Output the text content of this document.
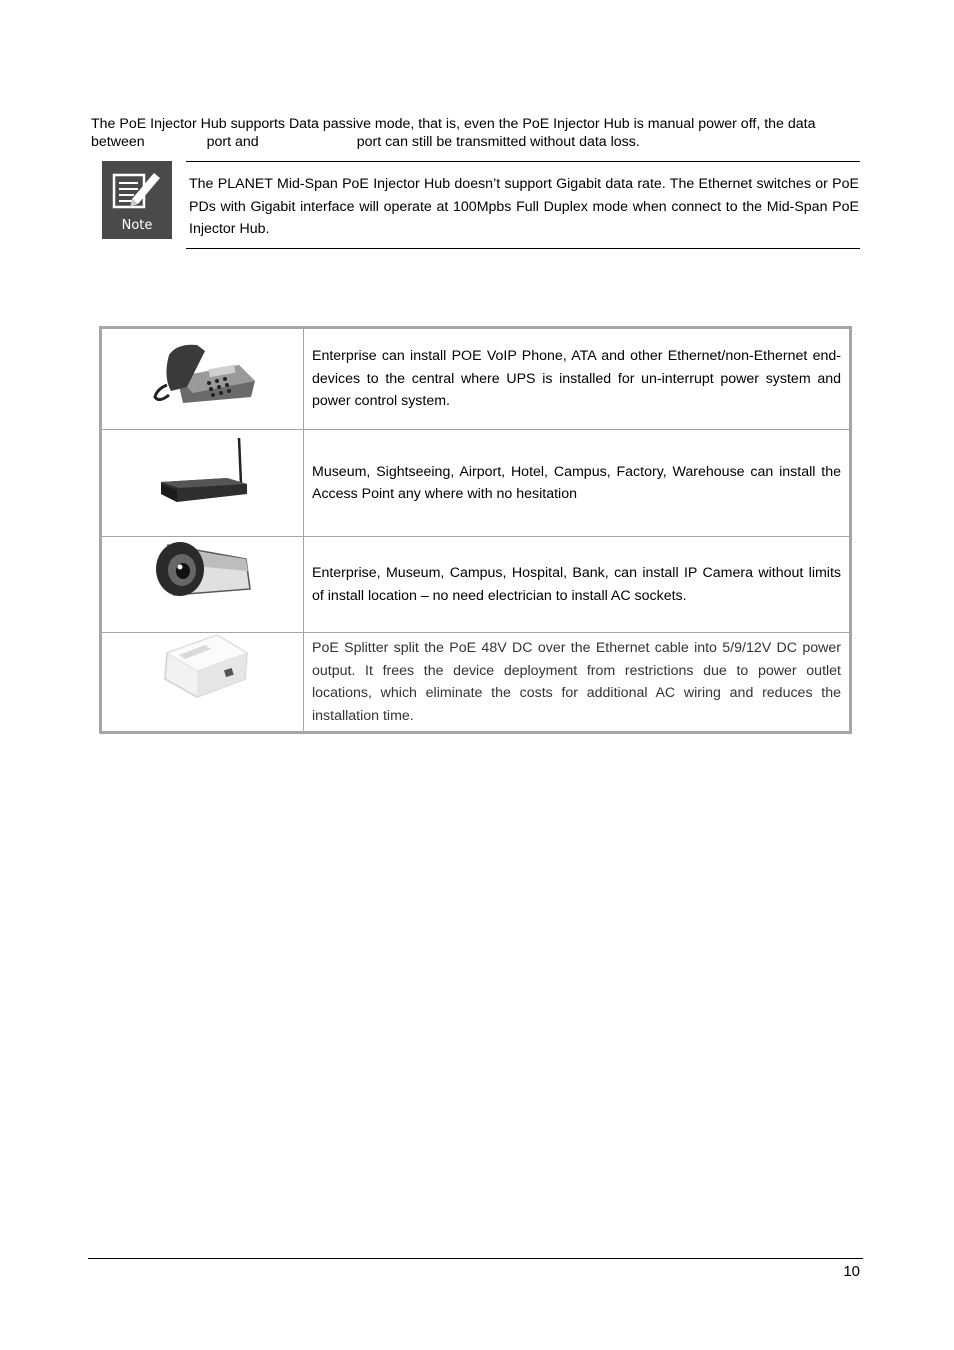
The PoE Injector Hub supports Data passive mode, that is, even the PoE Injector Hub is manual power off, the data
between	port and	port can still be transmitted without data loss.
Note
The PLANET Mid-Span PoE Injector Hub doesn’t support Gigabit data rate. The Ethernet switches or PoE PDs with Gigabit interface will operate at 100Mpbs Full Duplex mode when connect to the Mid-Span PoE Injector Hub.
	Enterprise can install POE VoIP Phone, ATA and other Ethernet/non-Ethernet end-devices to the central where UPS is installed for un-interrupt power system and power control system.

	Museum, Sightseeing, Airport, Hotel, Campus, Factory, Warehouse can install the Access Point any where with no hesitation

	Enterprise, Museum, Campus, Hospital, Bank, can install IP Camera without limits of install location – no need electrician to install AC sockets.

	PoE Splitter split the PoE 48V DC over the Ethernet cable into 5/9/12V DC power output. It frees the device deployment from restrictions due to power outlet locations, which eliminate the costs for additional AC wiring and reduces the installation time.
10
